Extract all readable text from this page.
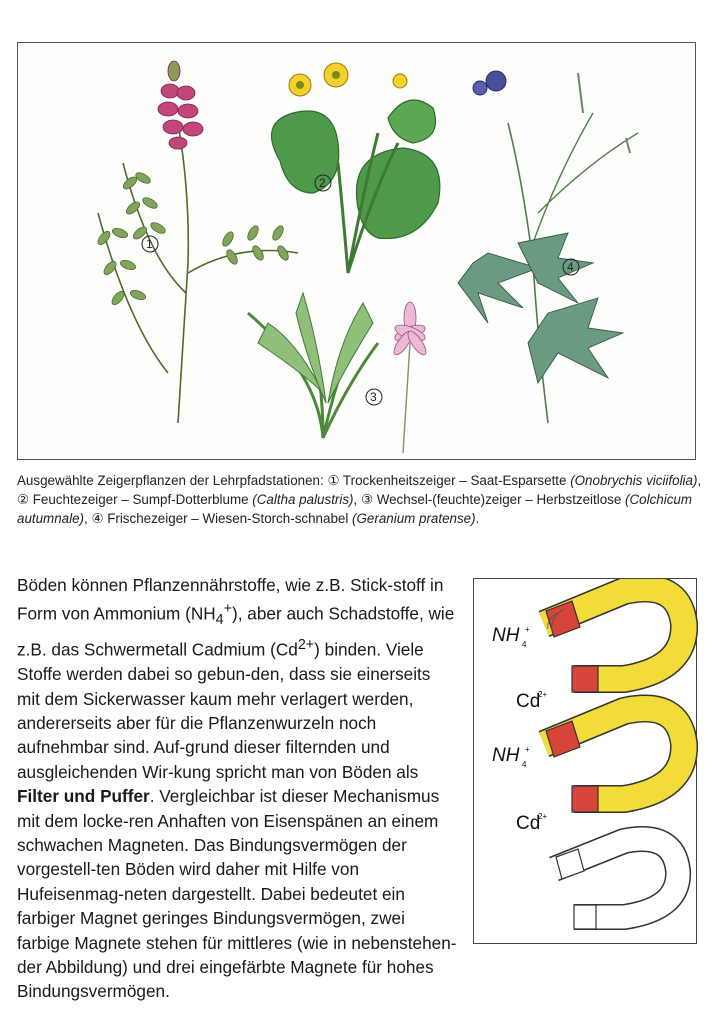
1
2
3
4
Ausgewählte Zeigerpflanzen der Lehrpfadstationen: ① Trockenheitszeiger – Saat-Esparsette (Onobrychis viciifolia), ② Feuchtezeiger – Sumpf-Dotterblume (Caltha palustris), ③ Wechsel-(feuchte)zeiger – Herbstzeitlose (Colchicum autumnale), ④ Frischezeiger – Wiesen-Storch-schnabel (Geranium pratense).
Böden können Pflanzennährstoffe, wie z.B. Stick-stoff in Form von Ammonium $(NH_4^+)$, aber auch Schadstoffe, wie z.B. das Schwermetall Cadmium $(Cd^{2+})$ binden. Viele Stoffe werden dabei so gebun-den, dass sie einerseits mit dem Sickerwasser kaum mehr verlagert werden, andererseits aber für die Pflanzenwurzeln noch aufnehmbar sind. Auf-grund dieser filternden und ausgleichenden Wir-kung spricht man von Böden als Filter und Puffer. Vergleichbar ist dieser Mechanismus mit dem locke-ren Anhaften von Eisenspänen an einem schwachen Magneten. Das Bindungsvermögen der vorgestell-ten Böden wird daher mit Hilfe von Hufeisenmag-neten dargestellt. Dabei bedeutet ein farbiger Magnet geringes Bindungsvermögen, zwei farbige Magnete stehen für mittleres (wie in nebenstehen-der Abbildung) und drei eingefärbte Magnete für hohes Bindungsvermögen.
NH 4
+
Cd
2+
NH 4
+
Cd
2+
